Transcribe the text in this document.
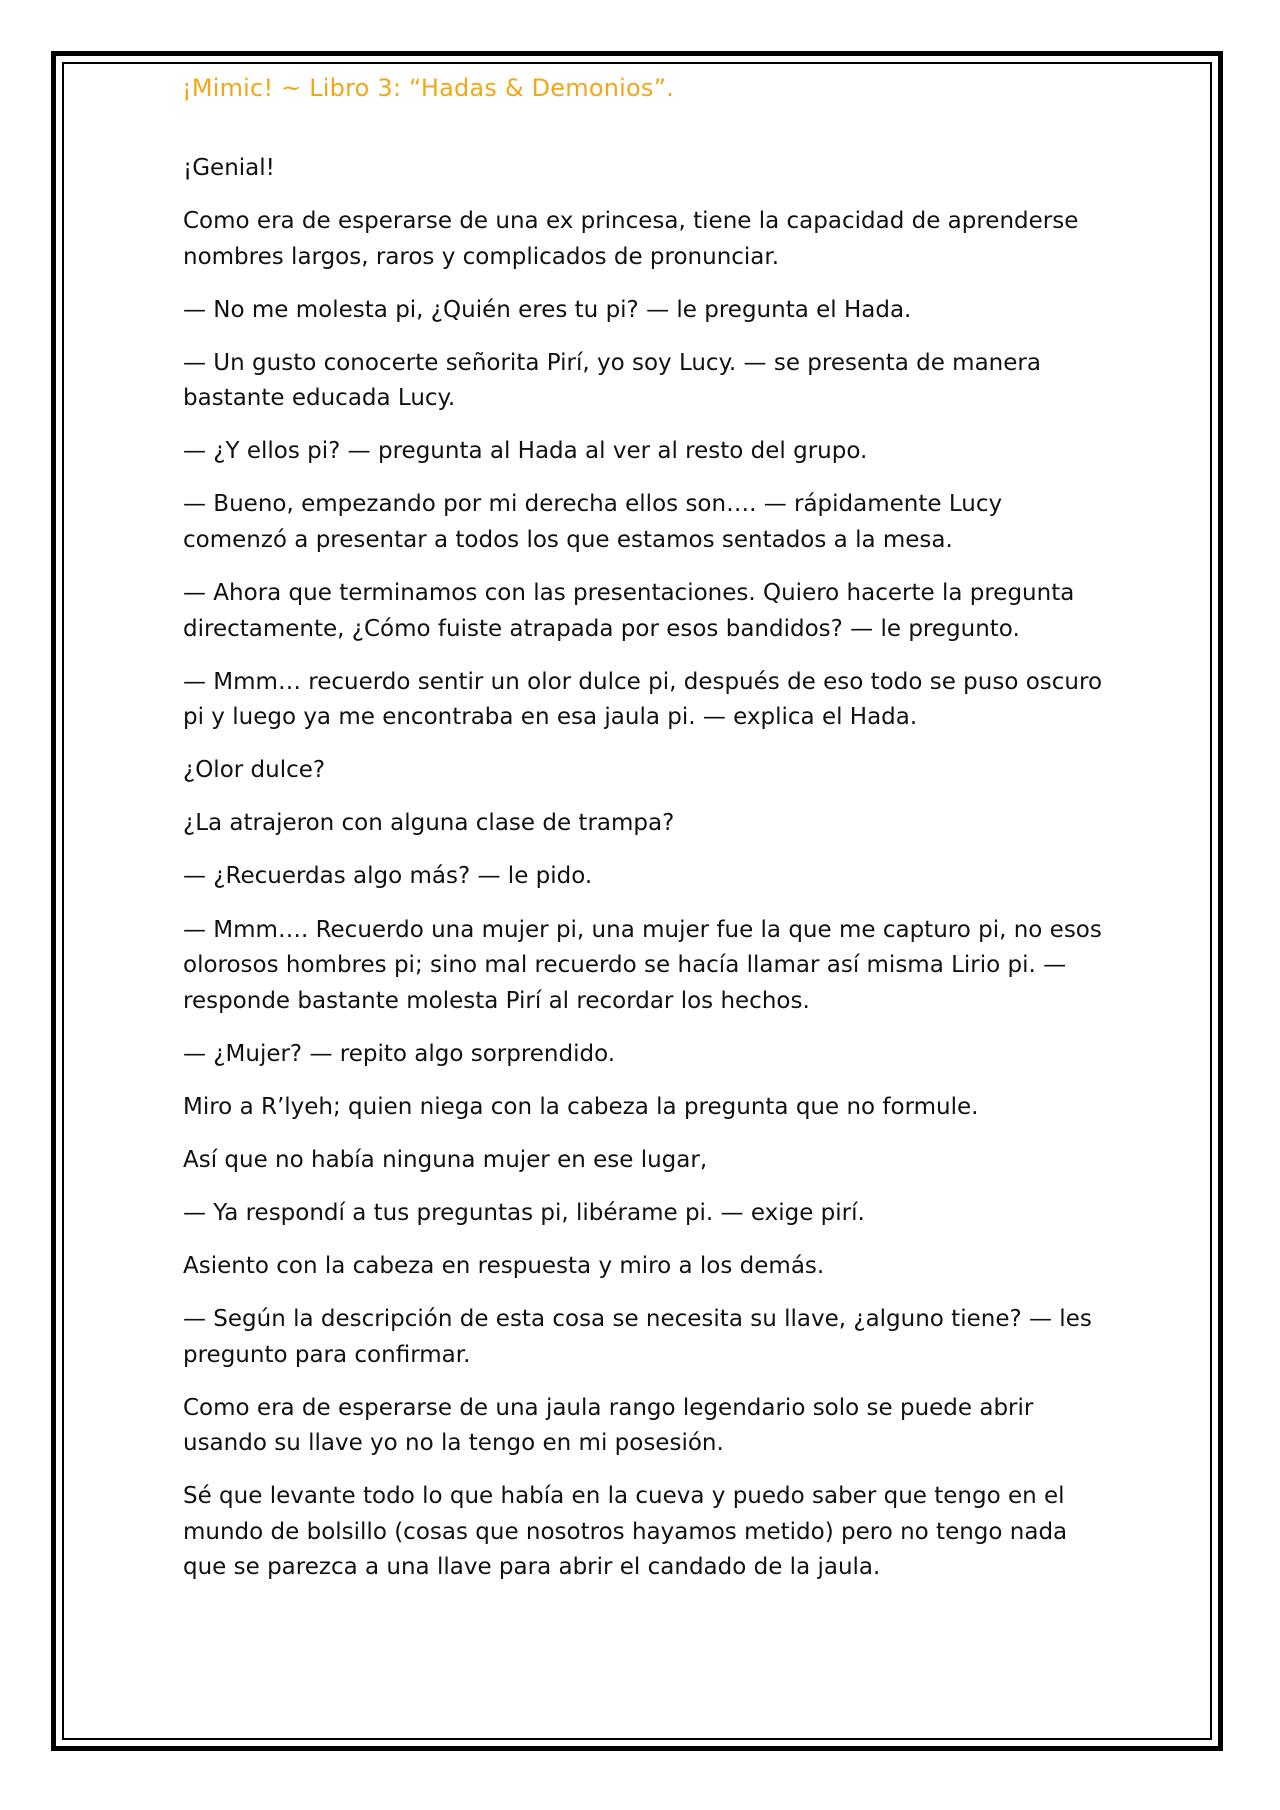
¡Mimic! ~ Libro 3: “Hadas & Demonios”.

¡Genial!

Como era de esperarse de una ex princesa, tiene la capacidad de aprenderse nombres largos, raros y complicados de pronunciar.

— No me molesta pi, ¿Quién eres tu pi? — le pregunta el Hada.

— Un gusto conocerte señorita Pirí, yo soy Lucy. — se presenta de manera bastante educada Lucy.

— ¿Y ellos pi? — pregunta al Hada al ver al resto del grupo.

— Bueno, empezando por mi derecha ellos son…. — rápidamente Lucy comenzó a presentar a todos los que estamos sentados a la mesa.

— Ahora que terminamos con las presentaciones. Quiero hacerte la pregunta directamente, ¿Cómo fuiste atrapada por esos bandidos? — le pregunto.

— Mmm… recuerdo sentir un olor dulce pi, después de eso todo se puso oscuro pi y luego ya me encontraba en esa jaula pi. — explica el Hada.

¿Olor dulce?

¿La atrajeron con alguna clase de trampa?

— ¿Recuerdas algo más? — le pido.

— Mmm…. Recuerdo una mujer pi, una mujer fue la que me capturo pi, no esos olorosos hombres pi; sino mal recuerdo se hacía llamar así misma Lirio pi. — responde bastante molesta Pirí al recordar los hechos.

— ¿Mujer? — repito algo sorprendido.

Miro a R’lyeh; quien niega con la cabeza la pregunta que no formule.

Así que no había ninguna mujer en ese lugar,

— Ya respondí a tus preguntas pi, libérame pi. — exige pirí.

Asiento con la cabeza en respuesta y miro a los demás.

— Según la descripción de esta cosa se necesita su llave, ¿alguno tiene? — les pregunto para confirmar.

Como era de esperarse de una jaula rango legendario solo se puede abrir usando su llave yo no la tengo en mi posesión.

Sé que levante todo lo que había en la cueva y puedo saber que tengo en el mundo de bolsillo (cosas que nosotros hayamos metido) pero no tengo nada que se parezca a una llave para abrir el candado de la jaula.
